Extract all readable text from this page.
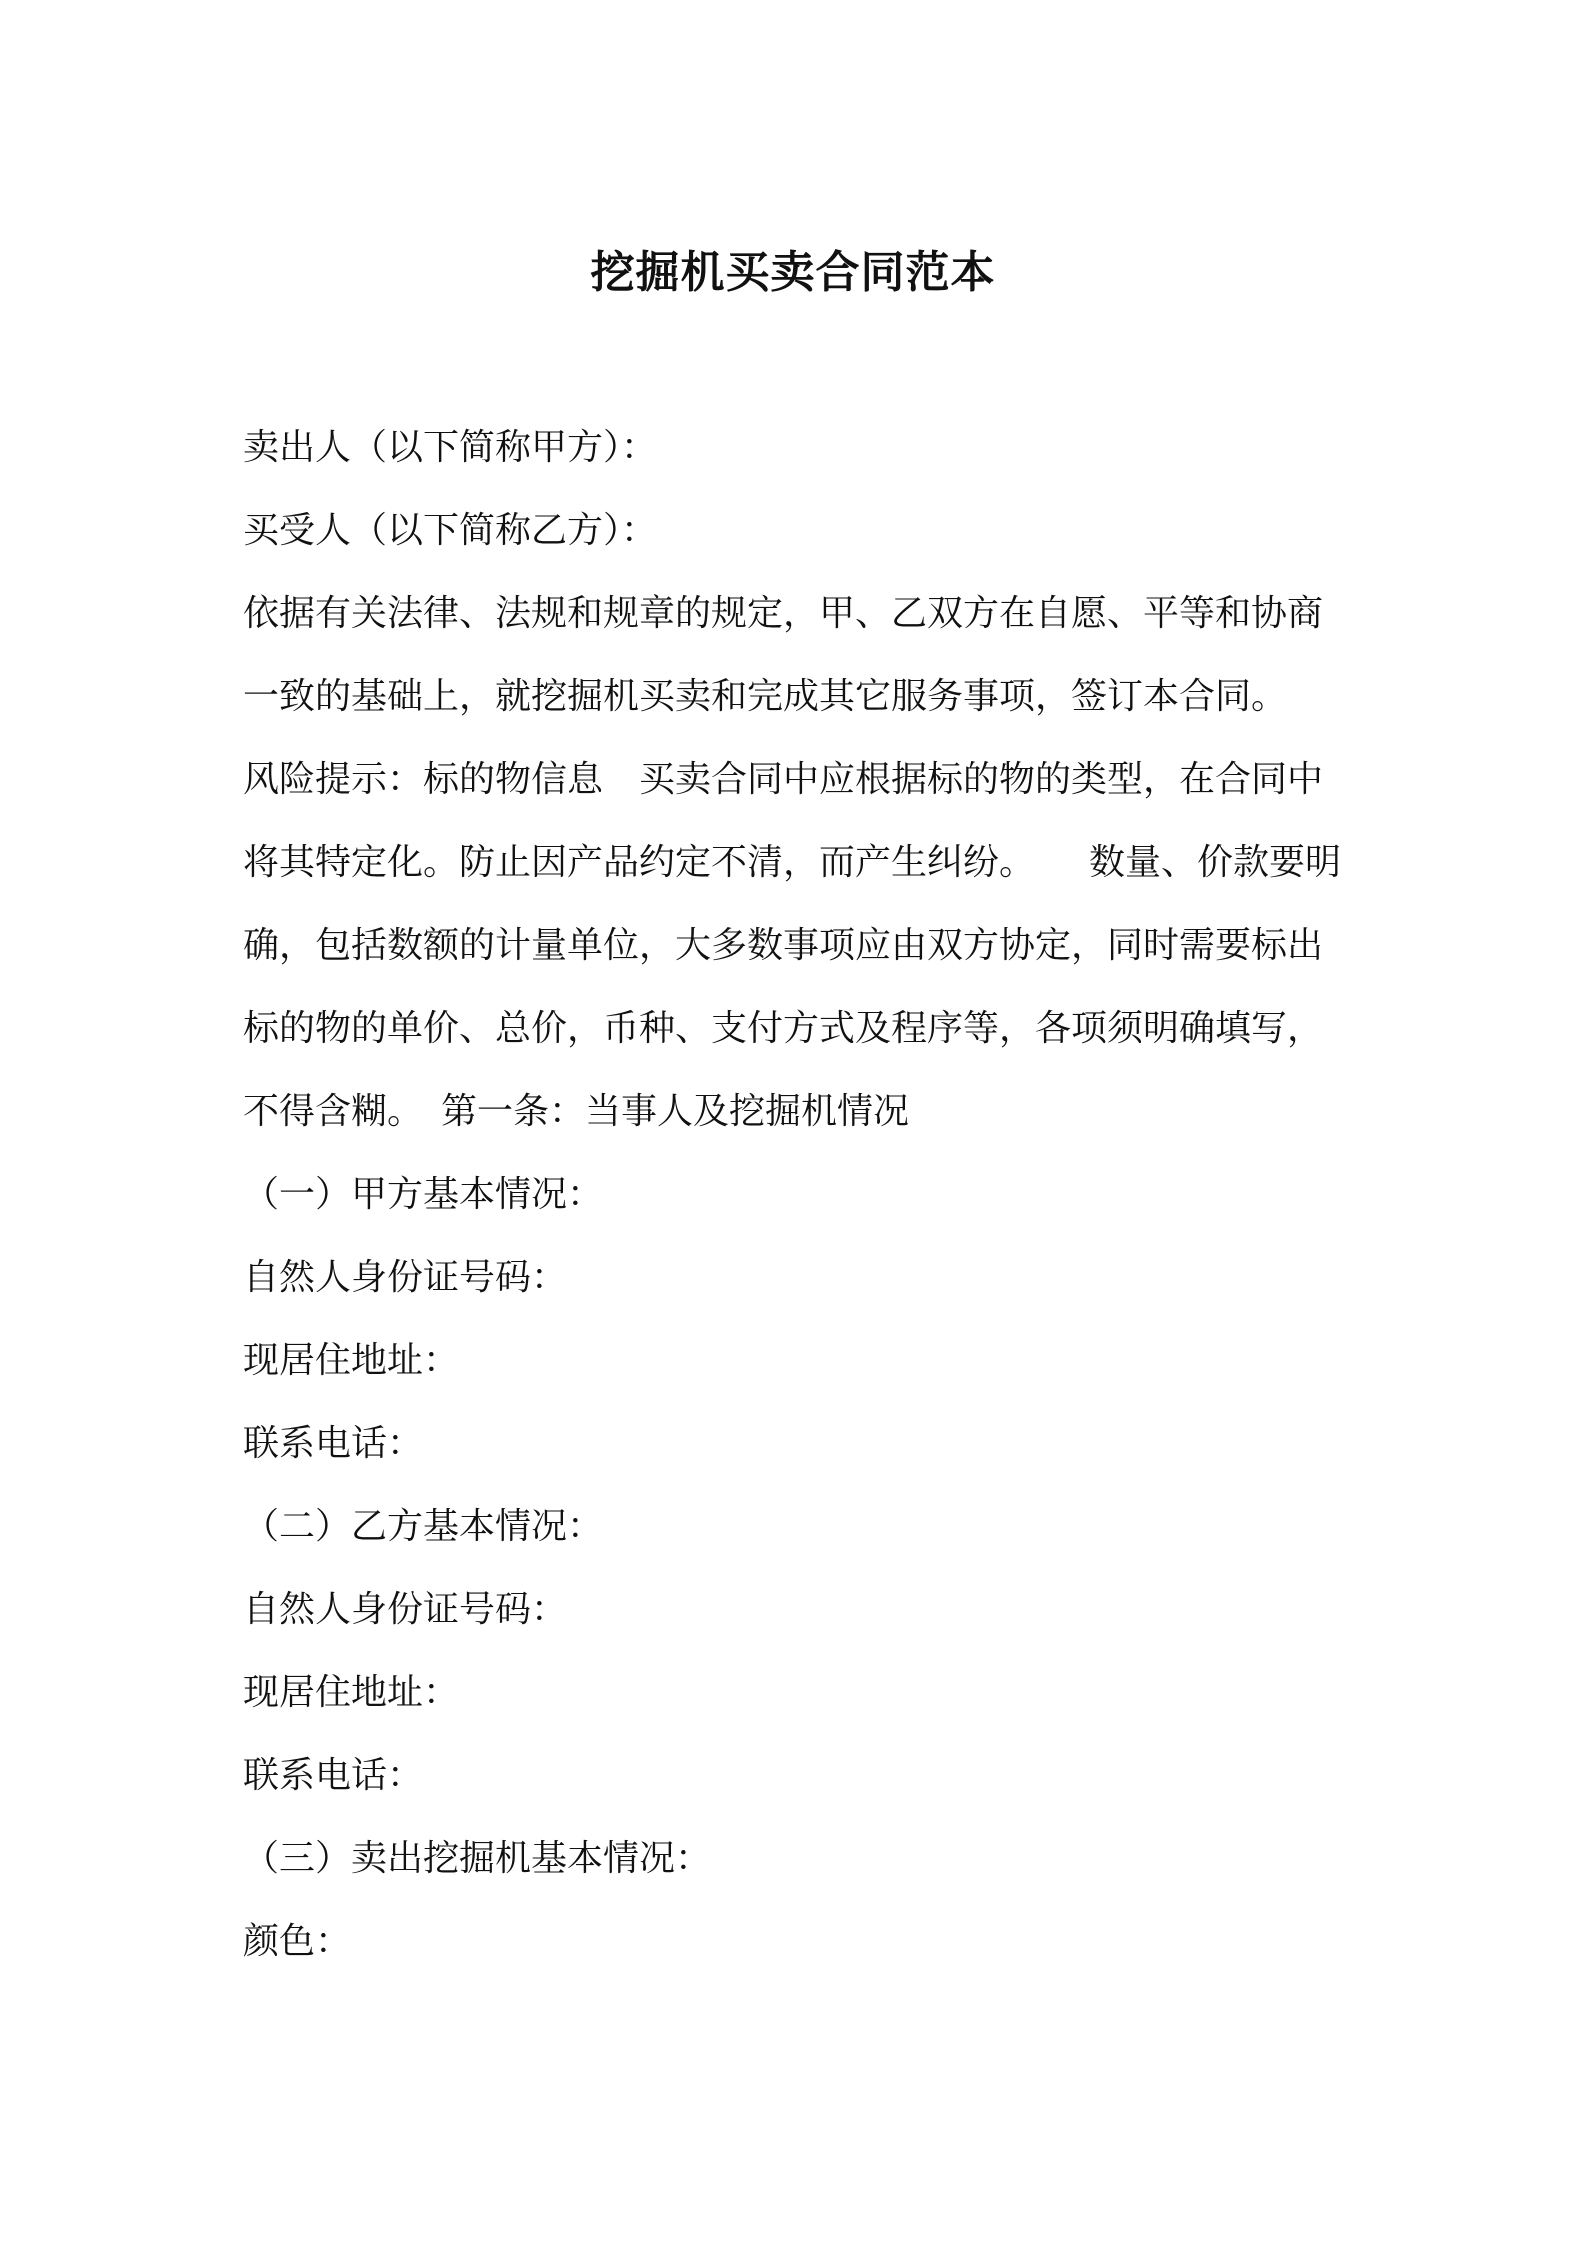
挖掘机买卖合同范本

卖出人（以下简称甲方）：

买受人（以下简称乙方）：

依据有关法律、法规和规章的规定，甲、乙双方在自愿、平等和协商一致的基础上，就挖掘机买卖和完成其它服务事项，签订本合同。

风险提示：标的物信息　买卖合同中应根据标的物的类型，在合同中将其特定化。防止因产品约定不清，而产生纠纷。　　数量、价款要明确，包括数额的计量单位，大多数事项应由双方协定，同时需要标出标的物的单价、总价，币种、支付方式及程序等，各项须明确填写，不得含糊。　第一条：当事人及挖掘机情况

（一）甲方基本情况：

自然人身份证号码：

现居住地址：

联系电话：

（二）乙方基本情况：

自然人身份证号码：

现居住地址：

联系电话：

（三）卖出挖掘机基本情况：

颜色：
